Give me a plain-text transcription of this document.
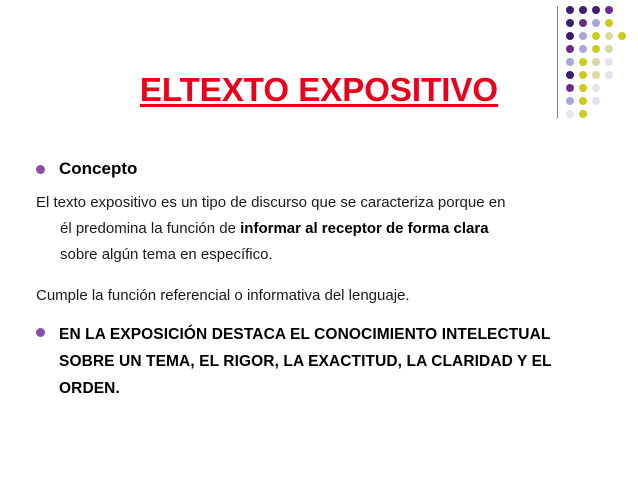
ELTEXTO EXPOSITIVO
Concepto

El texto expositivo es un tipo de discurso que se caracteriza porque en
él predomina la función de informar al receptor de forma clara
sobre algún tema en específico.

Cumple la función referencial o informativa del lenguaje.

EN LA EXPOSICIÓN DESTACA EL CONOCIMIENTO INTELECTUAL SOBRE UN TEMA, EL RIGOR, LA EXACTITUD, LA CLARIDAD Y EL ORDEN.
